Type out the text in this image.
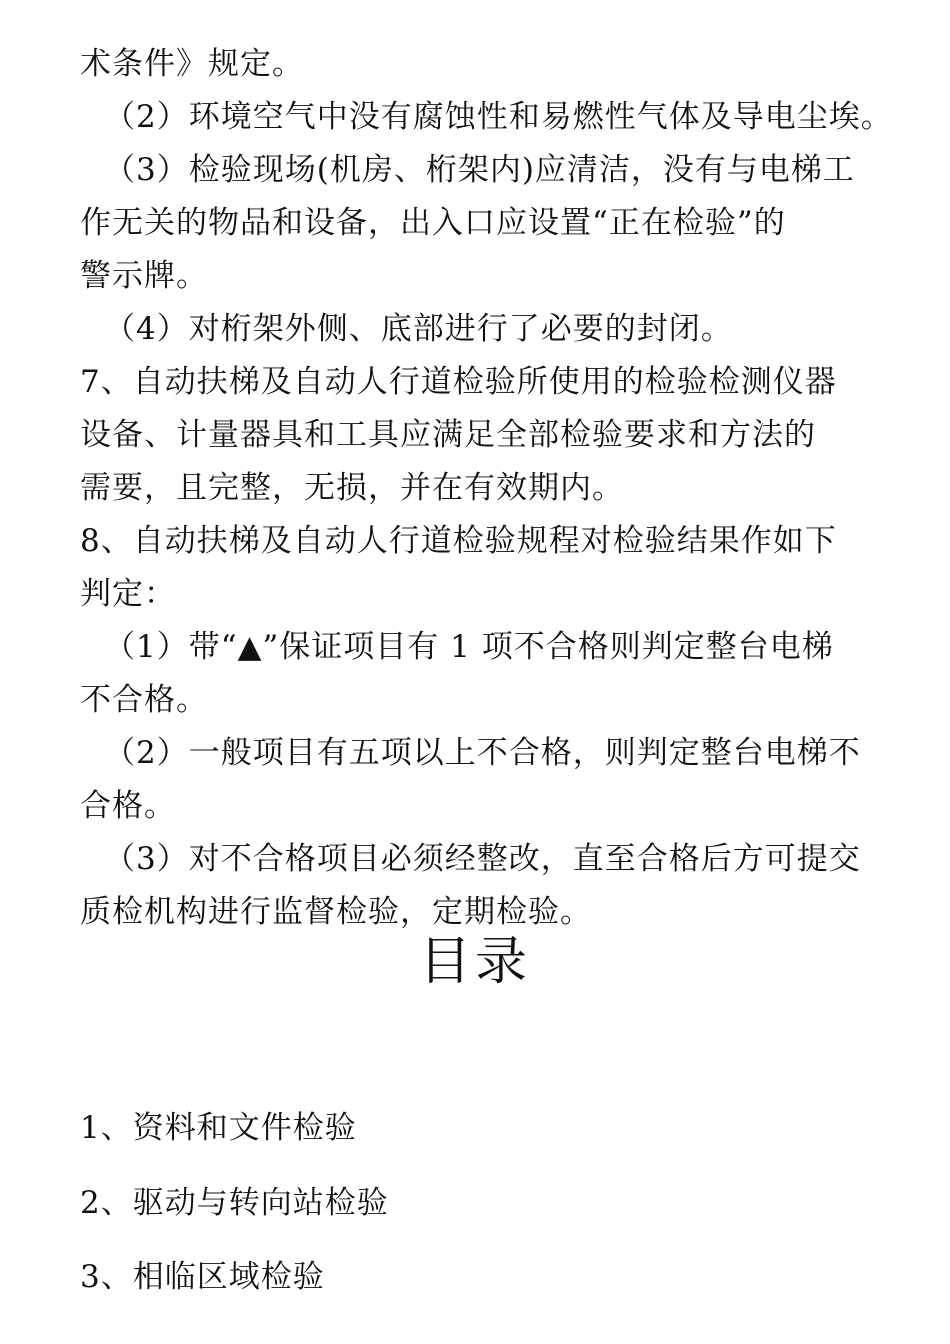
术条件》规定。
（2）环境空气中没有腐蚀性和易燃性气体及导电尘埃。
（3）检验现场(机房、桁架内)应清洁，没有与电梯工
作无关的物品和设备，出入口应设置“正在检验”的
警示牌。
（4）对桁架外侧、底部进行了必要的封闭。
7、自动扶梯及自动人行道检验所使用的检验检测仪器
设备、计量器具和工具应满足全部检验要求和方法的
需要，且完整，无损，并在有效期内。
8、自动扶梯及自动人行道检验规程对检验结果作如下
判定：
（1）带“▲”保证项目有 1 项不合格则判定整台电梯
不合格。
（2）一般项目有五项以上不合格，则判定整台电梯不
合格。
（3）对不合格项目必须经整改，直至合格后方可提交
质检机构进行监督检验，定期检验。
目录
1、资料和文件检验
2、驱动与转向站检验
3、相临区域检验
